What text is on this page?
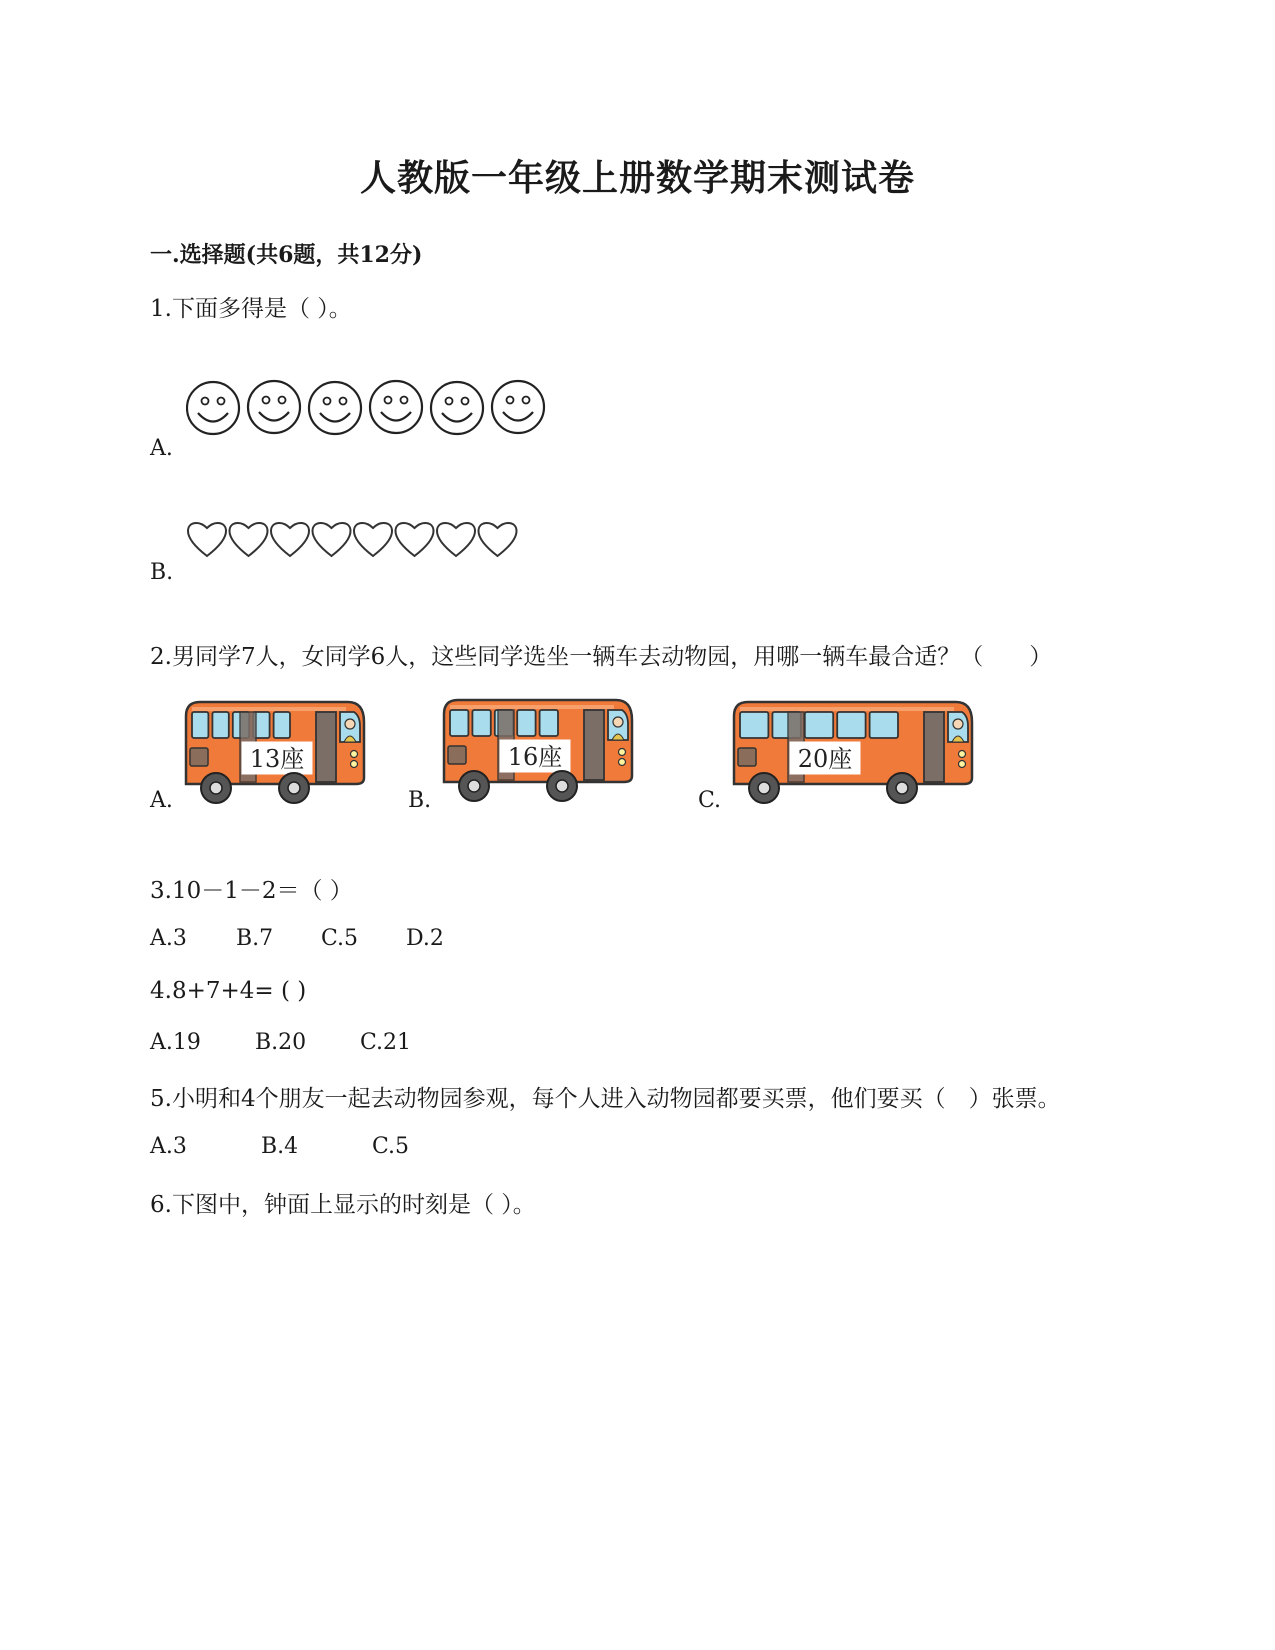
人教版一年级上册数学期末测试卷
一.选择题(共6题，共12分)
1.下面多得是（ ）。
A.
B.
2.男同学7人，女同学6人，这些同学选坐一辆车去动物园，用哪一辆车最合适？（　　）
A.
13座
B.
16座
C.
20座
3.10－1－2＝（ ）
A.3 B.7 C.5 D.2
4.8+7+4= ( )
A.19 B.20 C.21
5.小明和4个朋友一起去动物园参观，每个人进入动物园都要买票，他们要买（　）张票。
A.3	B.4	C.5
6.下图中，钟面上显示的时刻是（ ）。
